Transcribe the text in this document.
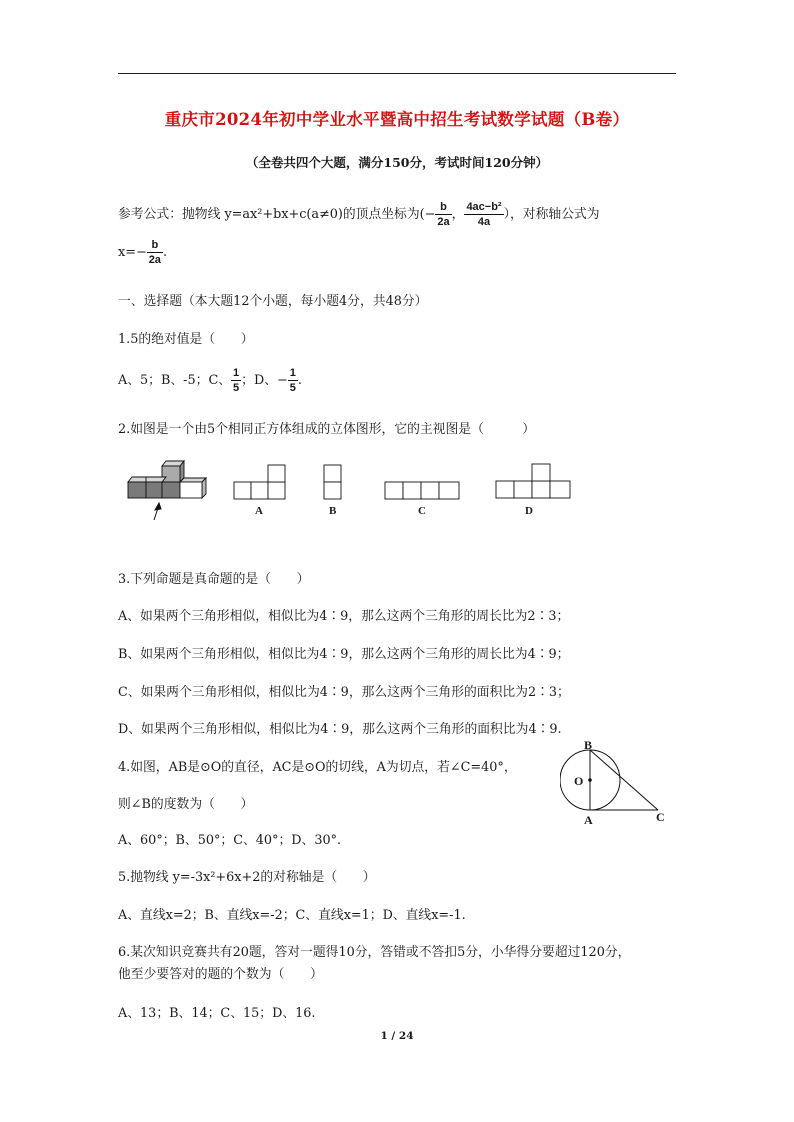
重庆市2024年初中学业水平暨高中招生考试数学试题（B卷）
（全卷共四个大题，满分150分，考试时间120分钟）
参考公式：抛物线 y=ax²+bx+c(a≠0)的顶点坐标为(− $\frac{b}{2a}$ ， $\frac{\text{4ac−b²}}{4a}$ ），对称轴公式为
$x=- \frac{b}{2a}$ .
一、选择题（本大题12个小题，每小题4分，共48分）
1.5的绝对值是（　　）
A、5；B、-5；C、 $\frac{1}{5}$ ；D、− $\frac{1}{5}$ .
2.如图是一个由5个相同正方体组成的立体图形，它的主视图是（　　　）
A	B	C	D
3.下列命题是真命题的是（　　）
A、如果两个三角形相似，相似比为4∶9，那么这两个三角形的周长比为2∶3；
B、如果两个三角形相似，相似比为4∶9，那么这两个三角形的周长比为4∶9；
C、如果两个三角形相似，相似比为4∶9，那么这两个三角形的面积比为2∶3；
D、如果两个三角形相似，相似比为4∶9，那么这两个三角形的面积比为4∶9.
4.如图，AB是⊙O的直径，AC是⊙O的切线，A为切点，若∠C=40°，
则∠B的度数为（　　）
A、60°；B、50°；C、40°；D、30°.
B
O
A	C
5.抛物线 y=-3x²+6x+2的对称轴是（　　）
A、直线x=2；B、直线x=-2；C、直线x=1；D、直线x=-1.
6.某次知识竞赛共有20题，答对一题得10分，答错或不答扣5分，小华得分要超过120分，
他至少要答对的题的个数为（　　）
A、13；B、14；C、15；D、16.
1 / 24
